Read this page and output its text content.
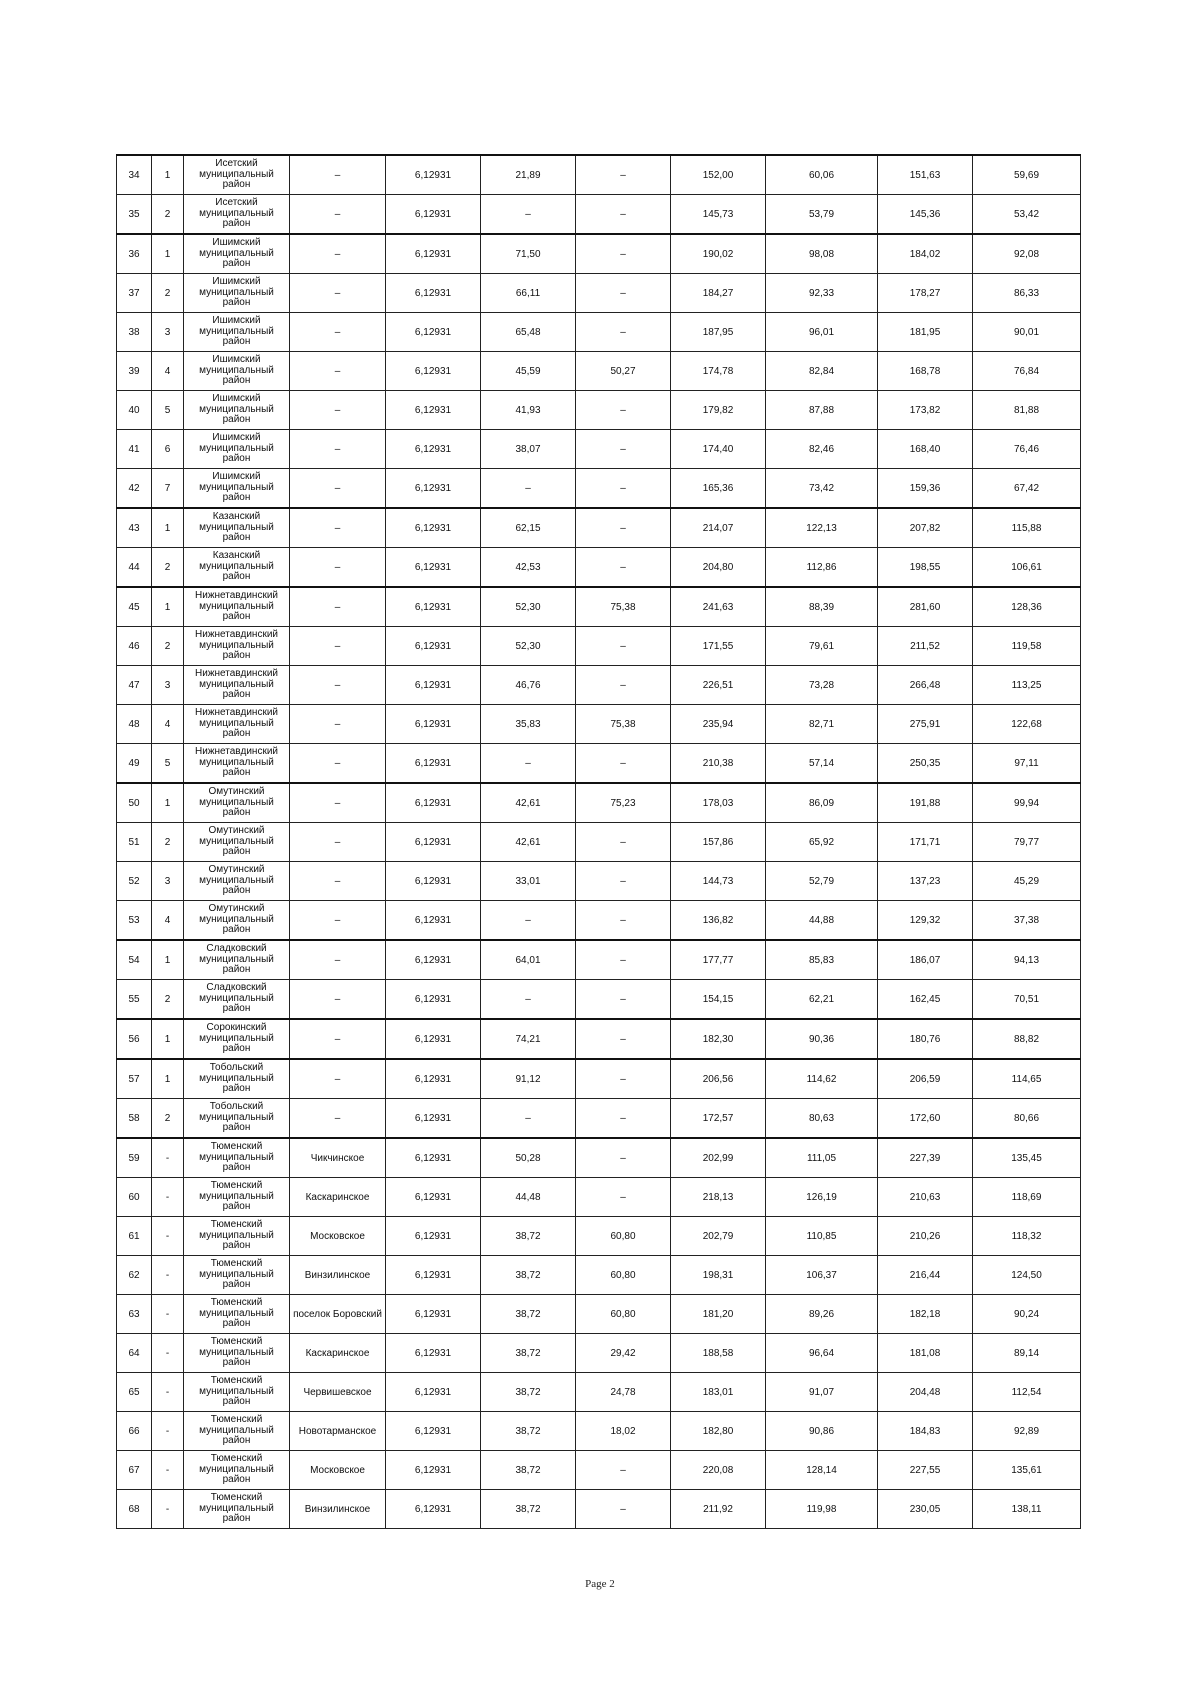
34	1	Исетский муниципальный район	–	6,12931	21,89	–	152,00	60,06	151,63	59,69
35	2	Исетский муниципальный район	–	6,12931	–	–	145,73	53,79	145,36	53,42
36	1	Ишимский муниципальный район	–	6,12931	71,50	–	190,02	98,08	184,02	92,08
37	2	Ишимский муниципальный район	–	6,12931	66,11	–	184,27	92,33	178,27	86,33
38	3	Ишимский муниципальный район	–	6,12931	65,48	–	187,95	96,01	181,95	90,01
39	4	Ишимский муниципальный район	–	6,12931	45,59	50,27	174,78	82,84	168,78	76,84
40	5	Ишимский муниципальный район	–	6,12931	41,93	–	179,82	87,88	173,82	81,88
41	6	Ишимский муниципальный район	–	6,12931	38,07	–	174,40	82,46	168,40	76,46
42	7	Ишимский муниципальный район	–	6,12931	–	–	165,36	73,42	159,36	67,42
43	1	Казанский муниципальный район	–	6,12931	62,15	–	214,07	122,13	207,82	115,88
44	2	Казанский муниципальный район	–	6,12931	42,53	–	204,80	112,86	198,55	106,61
45	1	Нижнетавдинский муниципальный район	–	6,12931	52,30	75,38	241,63	88,39	281,60	128,36
46	2	Нижнетавдинский муниципальный район	–	6,12931	52,30	–	171,55	79,61	211,52	119,58
47	3	Нижнетавдинский муниципальный район	–	6,12931	46,76	–	226,51	73,28	266,48	113,25
48	4	Нижнетавдинский муниципальный район	–	6,12931	35,83	75,38	235,94	82,71	275,91	122,68
49	5	Нижнетавдинский муниципальный район	–	6,12931	–	–	210,38	57,14	250,35	97,11
50	1	Омутинский муниципальный район	–	6,12931	42,61	75,23	178,03	86,09	191,88	99,94
51	2	Омутинский муниципальный район	–	6,12931	42,61	–	157,86	65,92	171,71	79,77
52	3	Омутинский муниципальный район	–	6,12931	33,01	–	144,73	52,79	137,23	45,29
53	4	Омутинский муниципальный район	–	6,12931	–	–	136,82	44,88	129,32	37,38
54	1	Сладковский муниципальный район	–	6,12931	64,01	–	177,77	85,83	186,07	94,13
55	2	Сладковский муниципальный район	–	6,12931	–	–	154,15	62,21	162,45	70,51
56	1	Сорокинский муниципальный район	–	6,12931	74,21	–	182,30	90,36	180,76	88,82
57	1	Тобольский муниципальный район	–	6,12931	91,12	–	206,56	114,62	206,59	114,65
58	2	Тобольский муниципальный район	–	6,12931	–	–	172,57	80,63	172,60	80,66
59	-	Тюменский муниципальный район	Чикчинское	6,12931	50,28	–	202,99	111,05	227,39	135,45
60	-	Тюменский муниципальный район	Каскаринское	6,12931	44,48	–	218,13	126,19	210,63	118,69
61	-	Тюменский муниципальный район	Московское	6,12931	38,72	60,80	202,79	110,85	210,26	118,32
62	-	Тюменский муниципальный район	Винзилинское	6,12931	38,72	60,80	198,31	106,37	216,44	124,50
63	-	Тюменский муниципальный район	поселок Боровский	6,12931	38,72	60,80	181,20	89,26	182,18	90,24
64	-	Тюменский муниципальный район	Каскаринское	6,12931	38,72	29,42	188,58	96,64	181,08	89,14
65	-	Тюменский муниципальный район	Червишевское	6,12931	38,72	24,78	183,01	91,07	204,48	112,54
66	-	Тюменский муниципальный район	Новотарманское	6,12931	38,72	18,02	182,80	90,86	184,83	92,89
67	-	Тюменский муниципальный район	Московское	6,12931	38,72	–	220,08	128,14	227,55	135,61
68	-	Тюменский муниципальный район	Винзилинское	6,12931	38,72	–	211,92	119,98	230,05	138,11
Page 2
